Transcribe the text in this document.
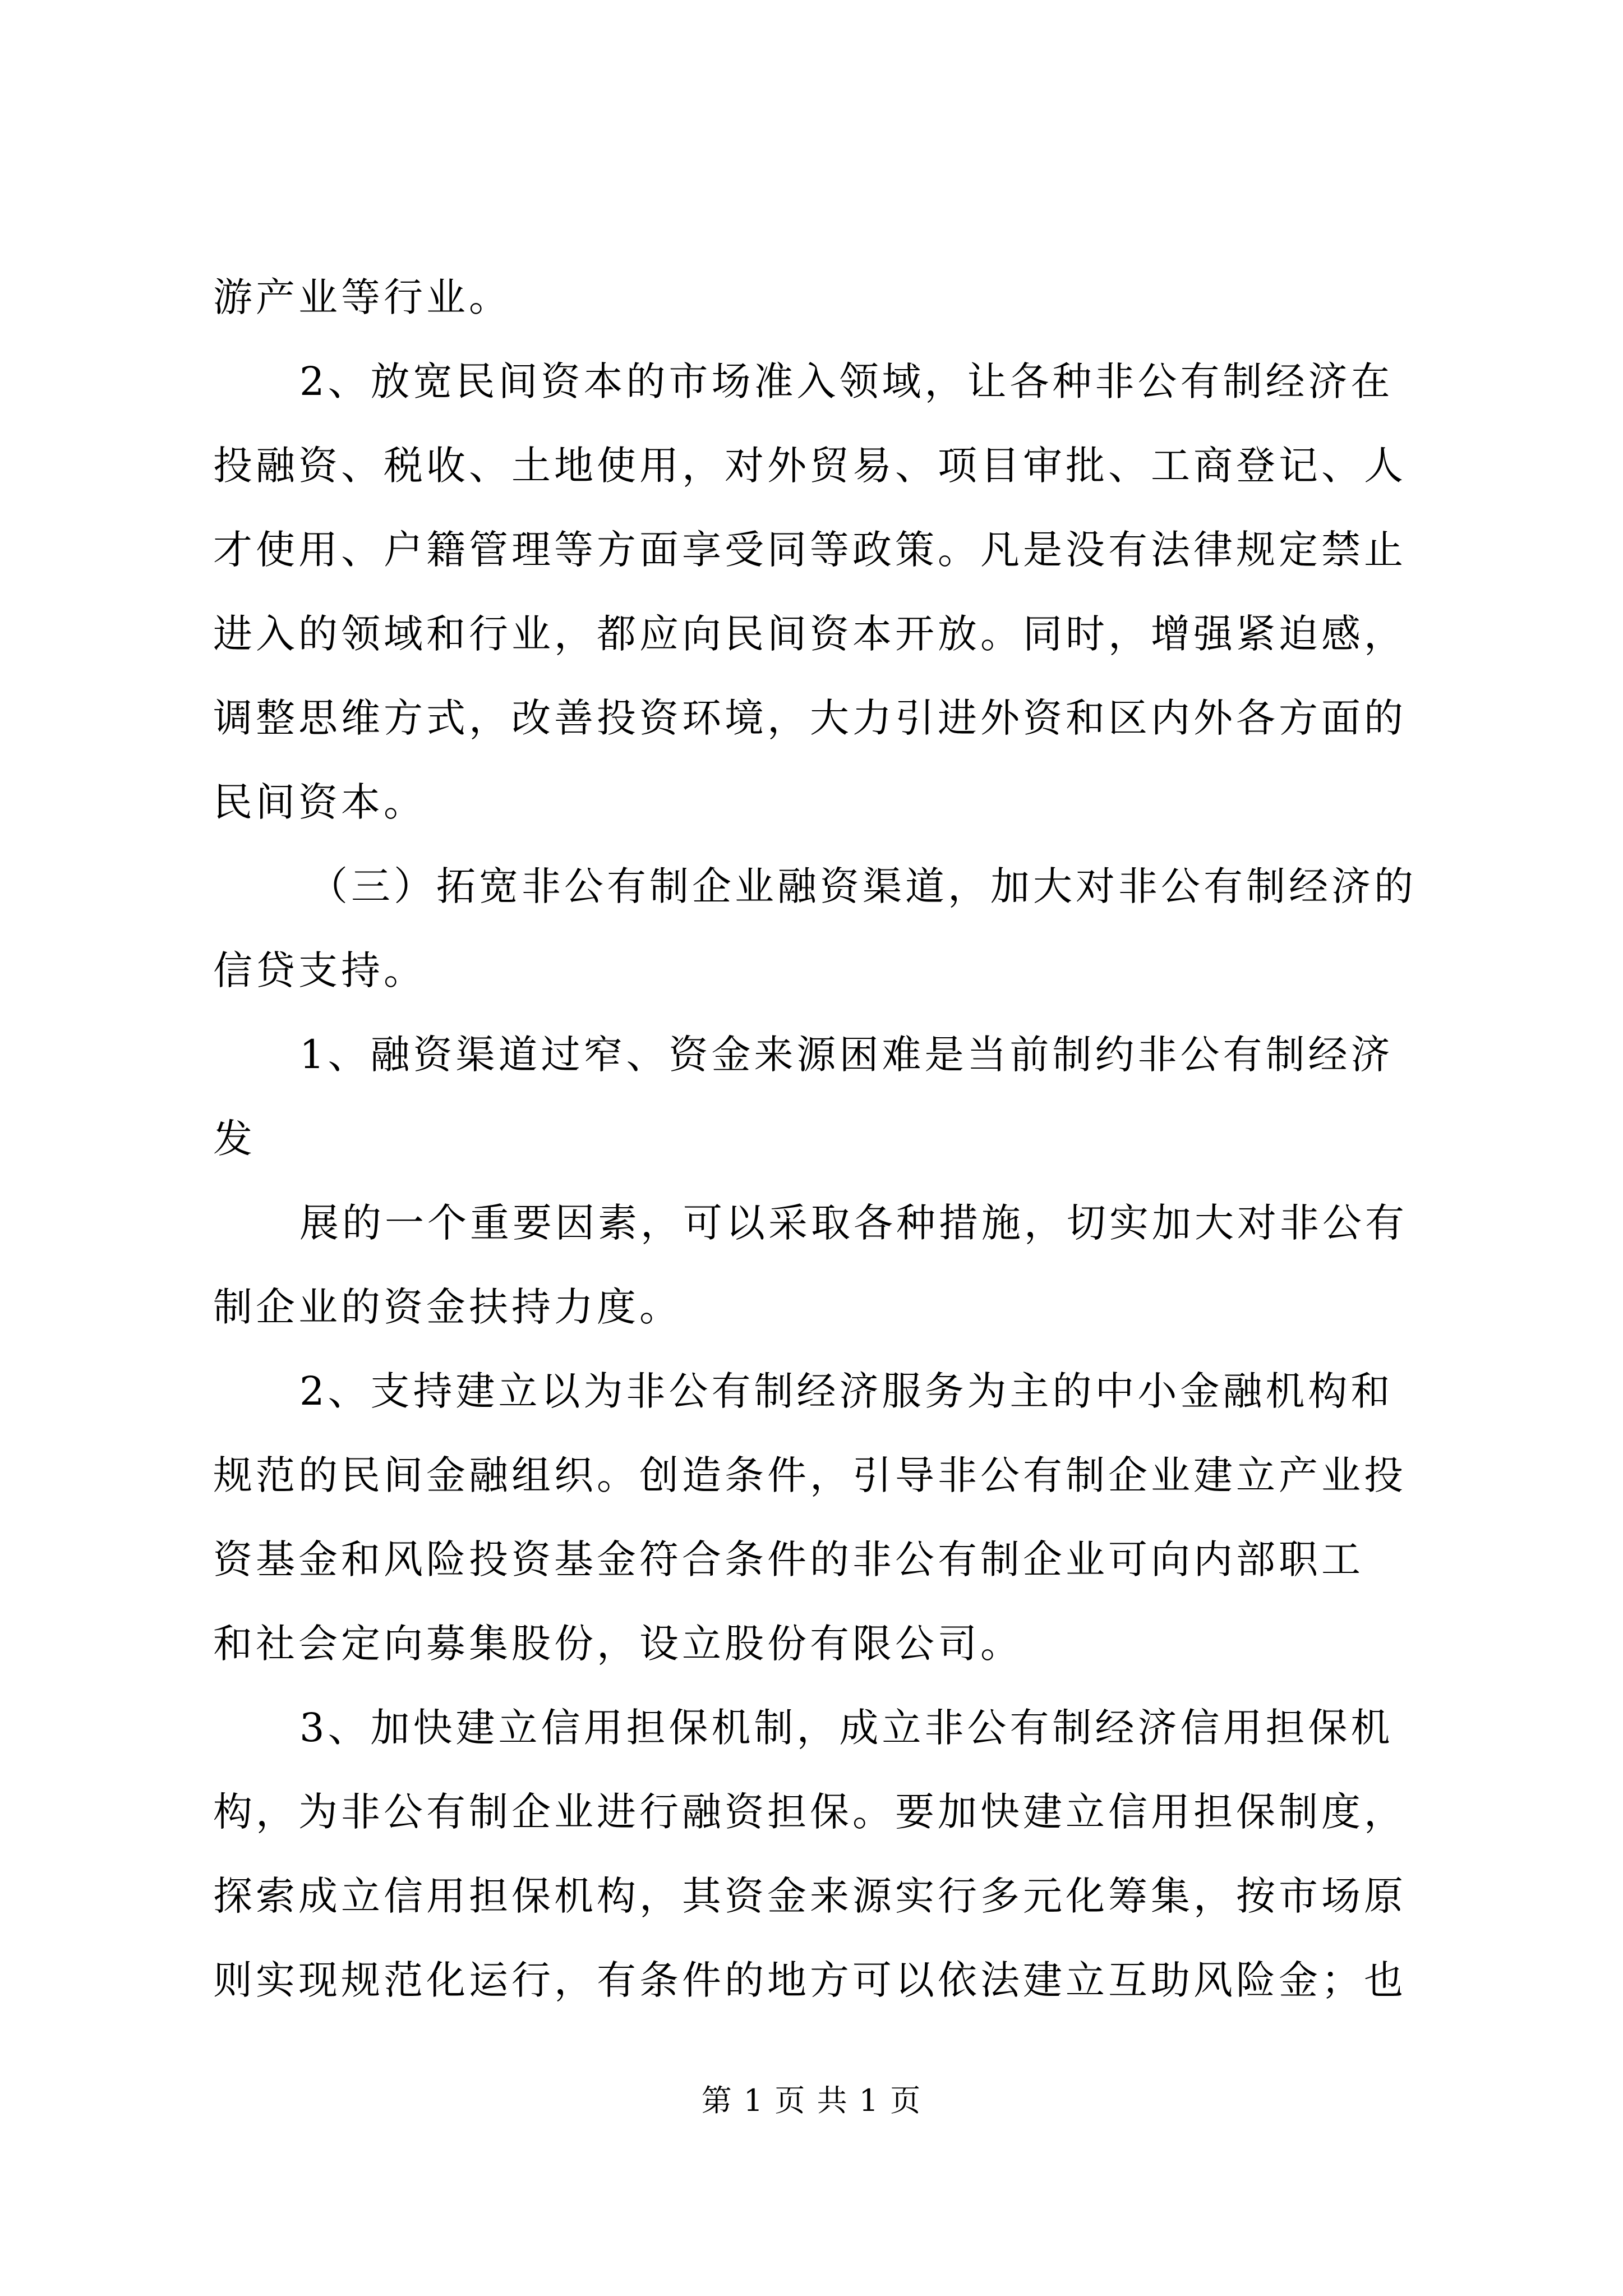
游产业等行业。
2、放宽民间资本的市场准入领域，让各种非公有制经济在
投融资、税收、土地使用，对外贸易、项目审批、工商登记、人
才使用、户籍管理等方面享受同等政策。凡是没有法律规定禁止
进入的领域和行业，都应向民间资本开放。同时，增强紧迫感，
调整思维方式，改善投资环境，大力引进外资和区内外各方面的
民间资本。
（三）拓宽非公有制企业融资渠道，加大对非公有制经济的
信贷支持。
1、融资渠道过窄、资金来源困难是当前制约非公有制经济
发
展的一个重要因素，可以采取各种措施，切实加大对非公有
制企业的资金扶持力度。
2、支持建立以为非公有制经济服务为主的中小金融机构和
规范的民间金融组织。创造条件，引导非公有制企业建立产业投
资基金和风险投资基金符合条件的非公有制企业可向内部职工
和社会定向募集股份，设立股份有限公司。
3、加快建立信用担保机制，成立非公有制经济信用担保机
构，为非公有制企业进行融资担保。要加快建立信用担保制度，
探索成立信用担保机构，其资金来源实行多元化筹集，按市场原
则实现规范化运行，有条件的地方可以依法建立互助风险金；也
第 1 页 共 1 页
